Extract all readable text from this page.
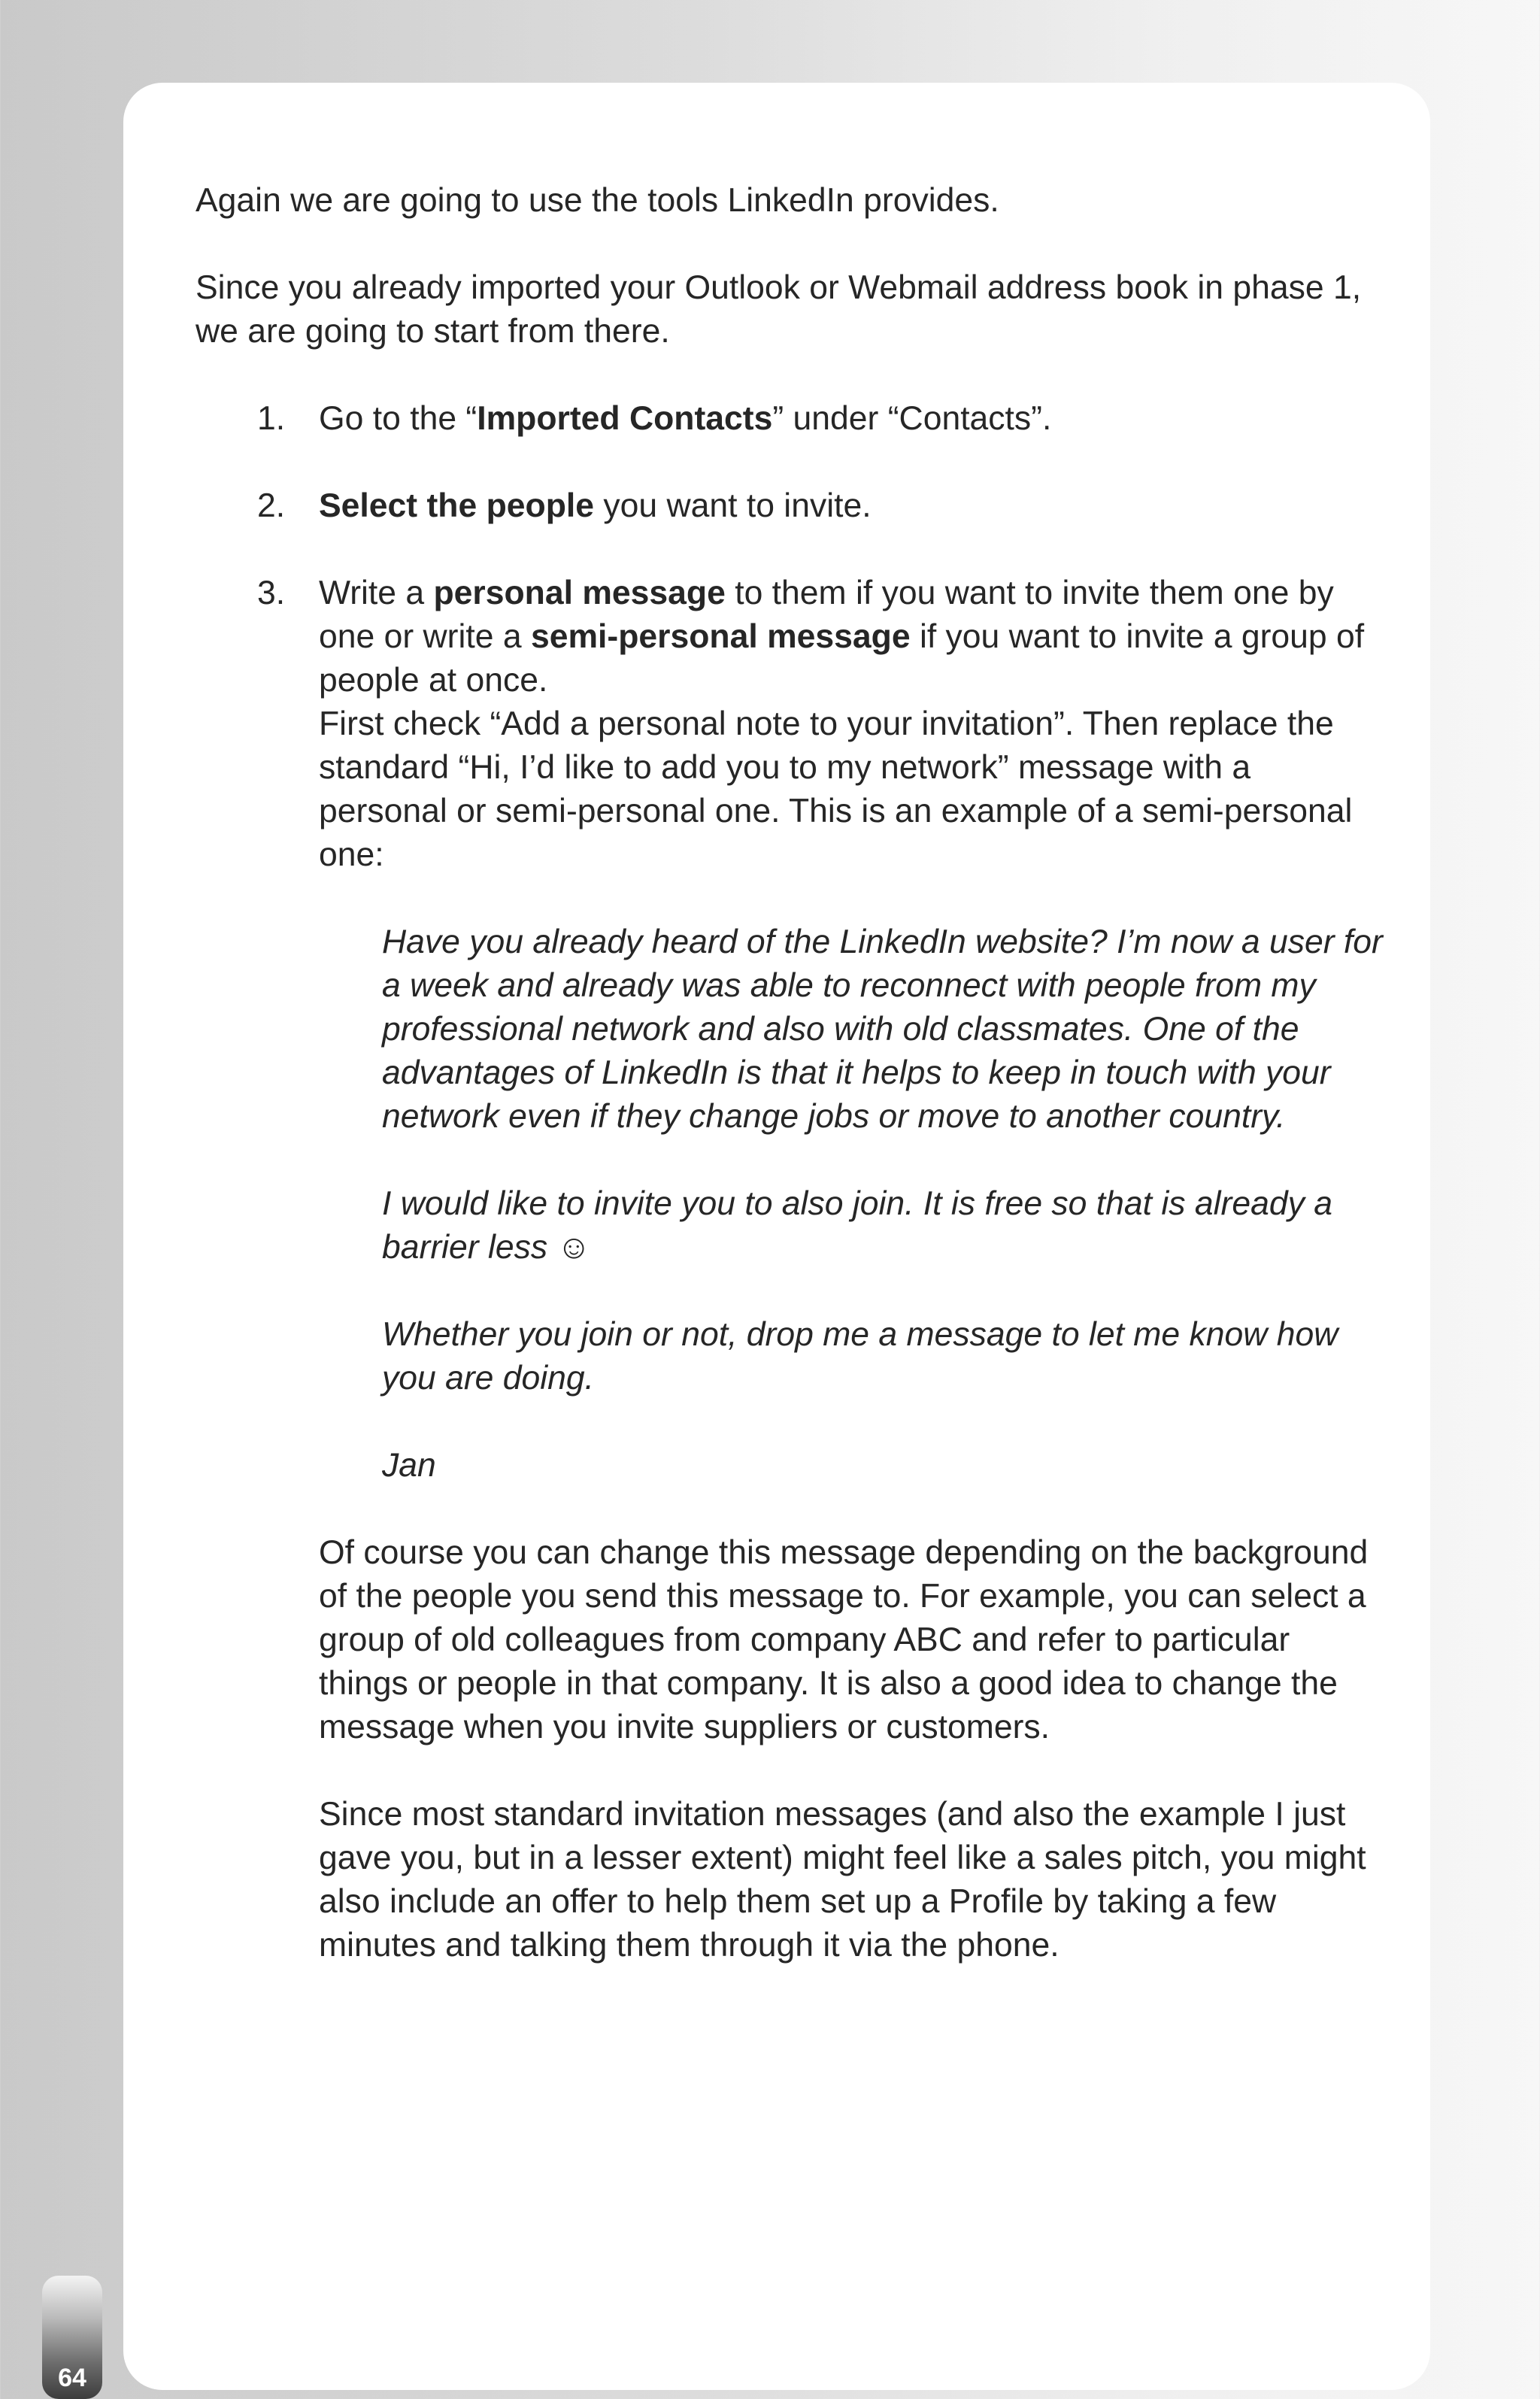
Again we are going to use the tools LinkedIn provides.

Since you already imported your Outlook or Webmail address book in phase 1, we are going to start from there.

1. Go to the “Imported Contacts” under “Contacts”.
2. Select the people you want to invite.
3. Write a personal message to them if you want to invite them one by one or write a semi-personal message if you want to invite a group of people at once.

First check “Add a personal note to your invitation”. Then replace the standard “Hi, I’d like to add you to my network” message with a personal or semi-personal one. This is an example of a semi-personal one:

Have you already heard of the LinkedIn website? I’m now a user for a week and already was able to reconnect with people from my professional network and also with old classmates. One of the advantages of LinkedIn is that it helps to keep in touch with your network even if they change jobs or move to another country.

I would like to invite you to also join. It is free so that is already a barrier less ☺

Whether you join or not, drop me a message to let me know how you are doing.

Jan

Of course you can change this message depending on the background of the people you send this message to. For example, you can select a group of old colleagues from company ABC and refer to particular things or people in that company. It is also a good idea to change the message when you invite suppliers or customers.

Since most standard invitation messages (and also the example I just gave you, but in a lesser extent) might feel like a sales pitch, you might also include an offer to help them set up a Profile by taking a few minutes and talking them through it via the phone.

64
